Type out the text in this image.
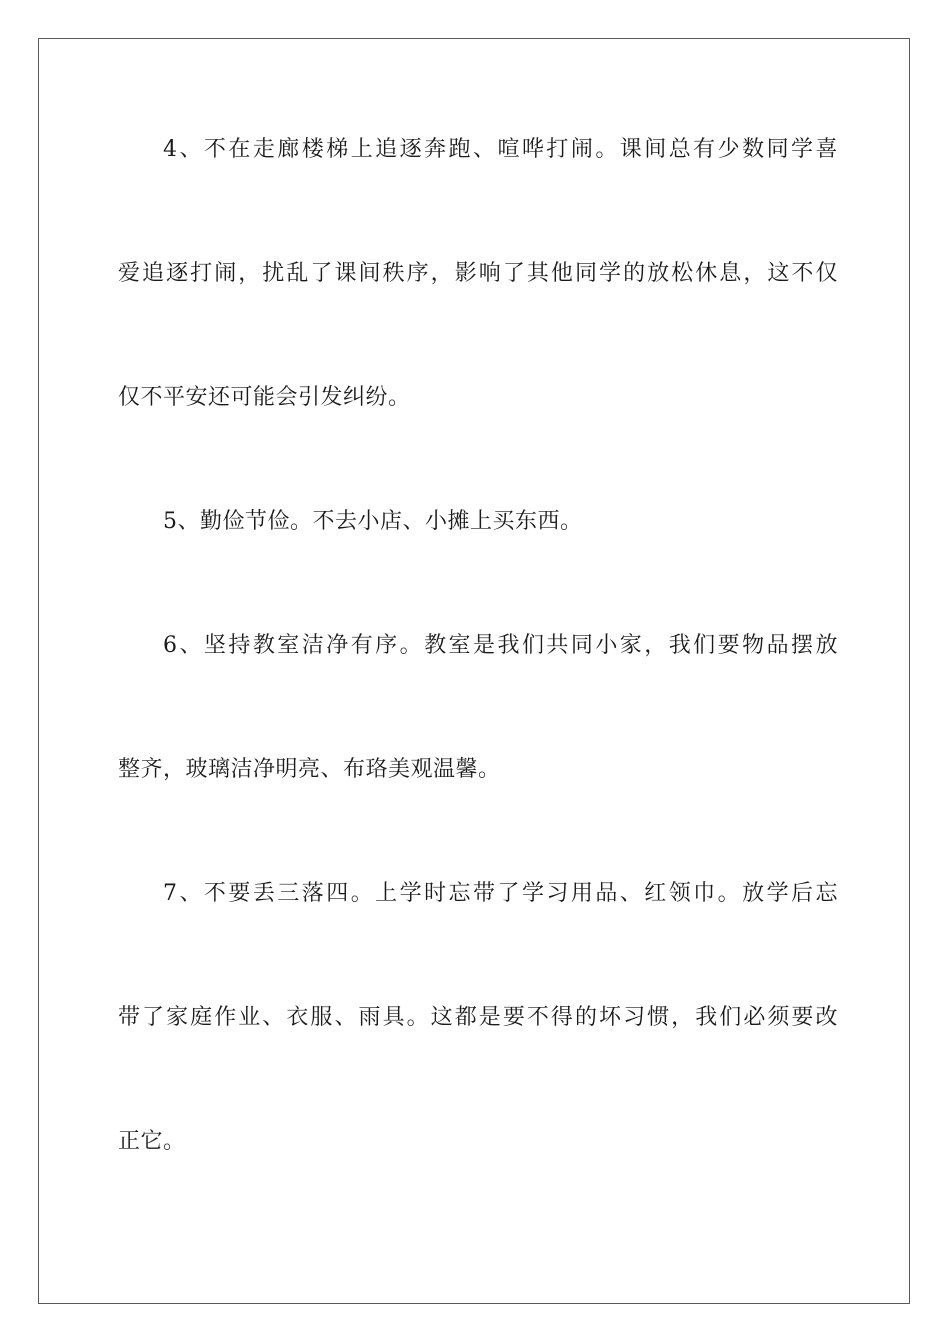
4、不在走廊楼梯上追逐奔跑、喧哗打闹。课间总有少数同学喜
爱追逐打闹，扰乱了课间秩序，影响了其他同学的放松休息，这不仅
仅不平安还可能会引发纠纷。
5、勤俭节俭。不去小店、小摊上买东西。
6、坚持教室洁净有序。教室是我们共同小家，我们要物品摆放
整齐，玻璃洁净明亮、布珞美观温馨。
7、不要丢三落四。上学时忘带了学习用品、红领巾。放学后忘
带了家庭作业、衣服、雨具。这都是要不得的坏习惯，我们必须要改
正它。
